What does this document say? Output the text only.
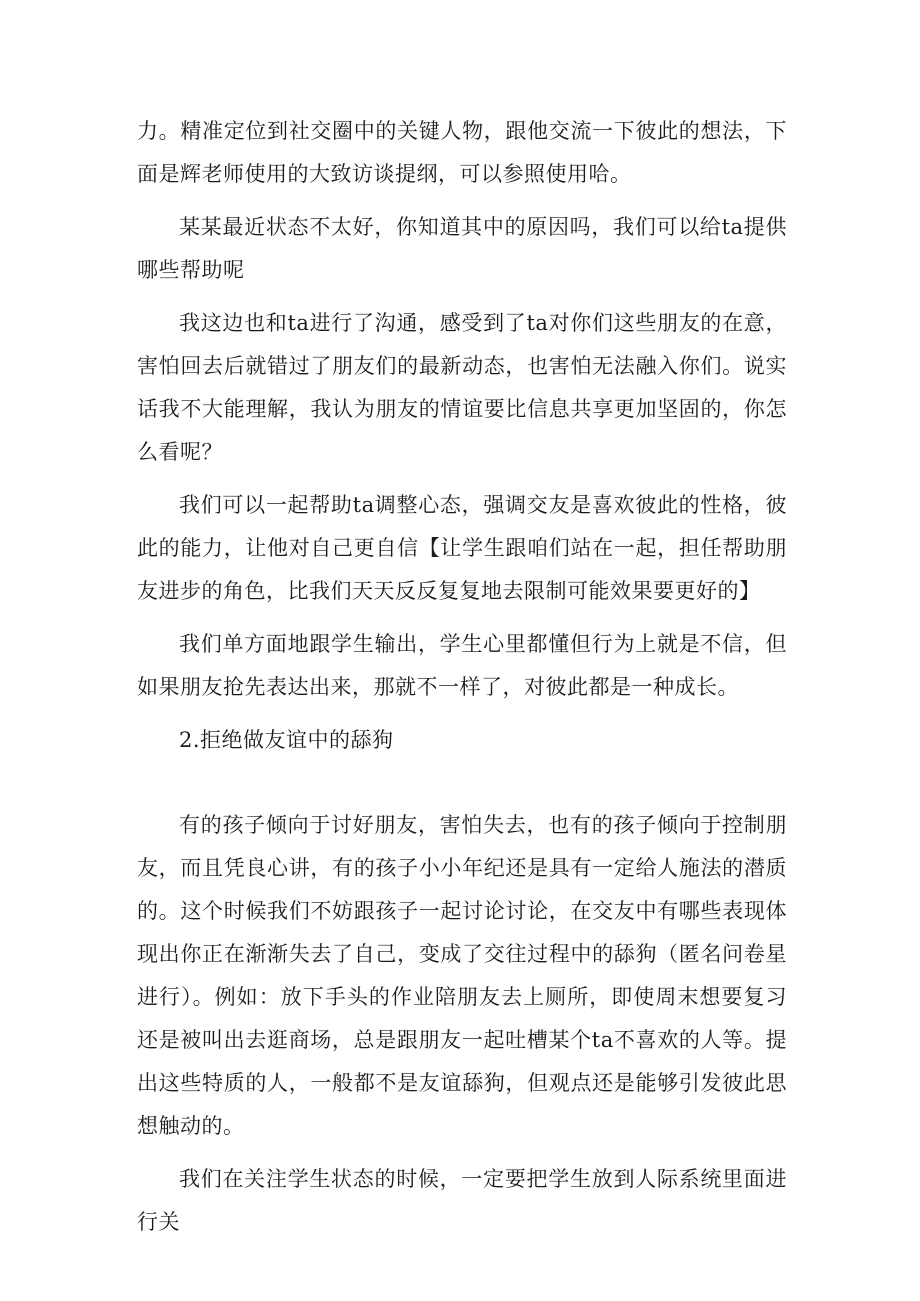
力。精准定位到社交圈中的关键人物，跟他交流一下彼此的想法，下面是辉老师使用的大致访谈提纲，可以参照使用哈。

某某最近状态不太好，你知道其中的原因吗，我们可以给ta提供哪些帮助呢

我这边也和ta进行了沟通，感受到了ta对你们这些朋友的在意，害怕回去后就错过了朋友们的最新动态，也害怕无法融入你们。说实话我不大能理解，我认为朋友的情谊要比信息共享更加坚固的，你怎么看呢？

我们可以一起帮助ta调整心态，强调交友是喜欢彼此的性格，彼此的能力，让他对自己更自信【让学生跟咱们站在一起，担任帮助朋友进步的角色，比我们天天反反复复地去限制可能效果要更好的】

我们单方面地跟学生输出，学生心里都懂但行为上就是不信，但如果朋友抢先表达出来，那就不一样了，对彼此都是一种成长。

2.拒绝做友谊中的舔狗

有的孩子倾向于讨好朋友，害怕失去，也有的孩子倾向于控制朋友，而且凭良心讲，有的孩子小小年纪还是具有一定给人施法的潜质的。这个时候我们不妨跟孩子一起讨论讨论，在交友中有哪些表现体现出你正在渐渐失去了自己，变成了交往过程中的舔狗（匿名问卷星进行）。例如：放下手头的作业陪朋友去上厕所，即使周末想要复习还是被叫出去逛商场，总是跟朋友一起吐槽某个ta不喜欢的人等。提出这些特质的人，一般都不是友谊舔狗，但观点还是能够引发彼此思想触动的。

我们在关注学生状态的时候，一定要把学生放到人际系统里面进行关
